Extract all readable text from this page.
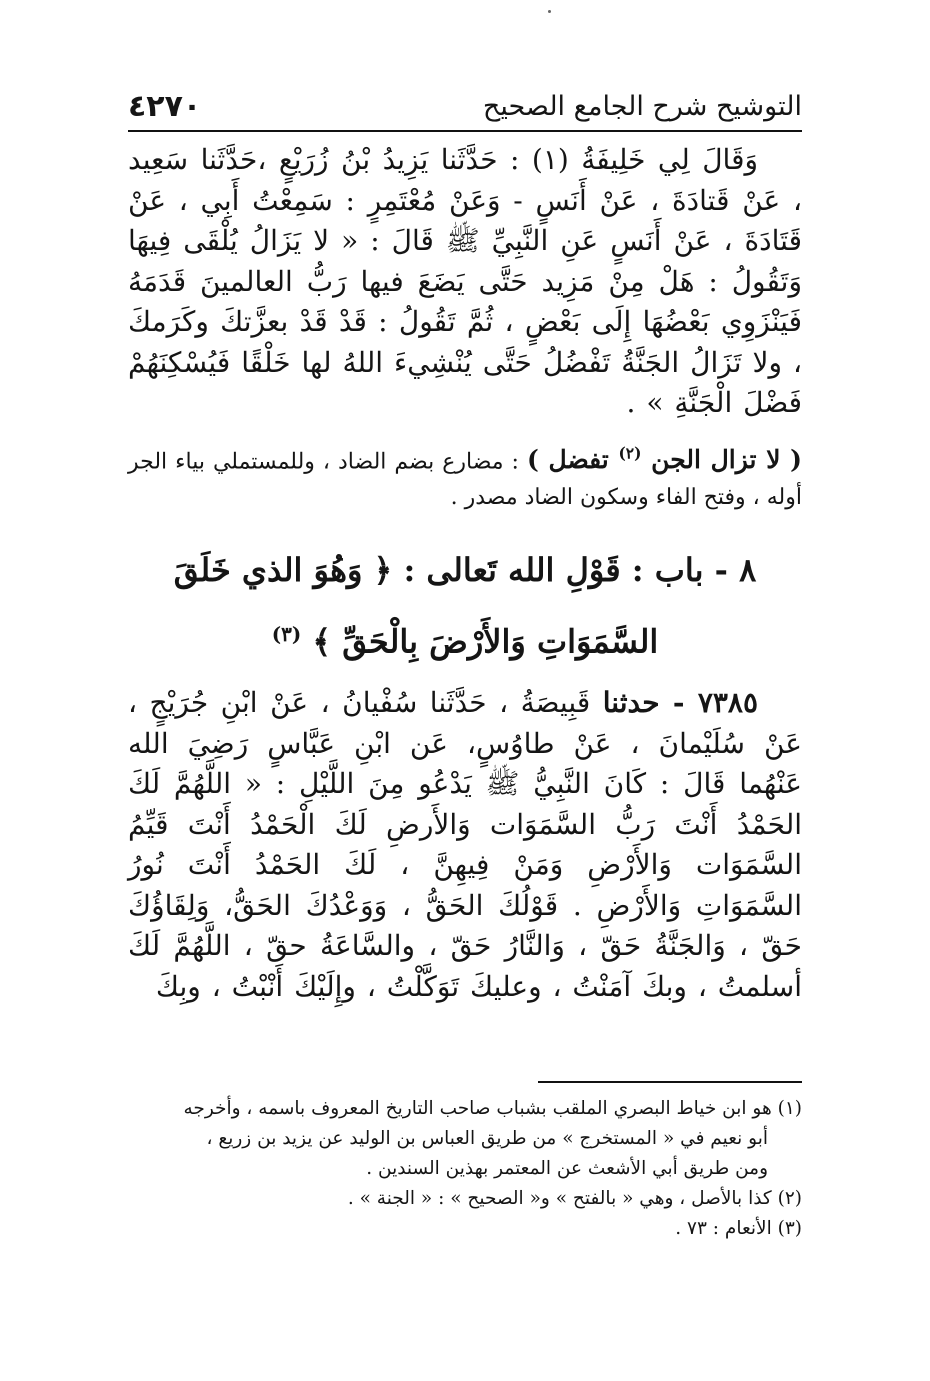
٤٢٧٠	التوشيح شرح الجامع الصحيح

وَقَالَ لِي خَلِيفَةُ (١) : حَدَّثَنا يَزِيدُ بْنُ زُرَيْعٍ ،حَدَّثَنا سَعِيد ، عَنْ قَتادَةَ ، عَنْ أَنَسٍ - وَعَنْ مُعْتَمِرٍ : سَمِعْتُ أَبِي ، عَنْ قَتَادَةَ ، عَنْ أَنَسٍ عَنِ النَّبِيِّ ﷺ قَالَ : « لا يَزَالُ يُلْقَى فِيهَا وَتَقُولُ : هَلْ مِنْ مَزِيد حَتَّى يَضَعَ فيها رَبُّ العالمينَ قَدَمَهُ فَيَنْزَوِي بَعْضُهَا إِلَى بَعْضٍ ، ثُمَّ تَقُولُ : قَدْ قَدْ بعزَّتكَ وكَرَمكَ ، ولا تَزَالُ الجَنَّةُ تَفْضُلُ حَتَّى يُنْشِيءَ اللهُ لها خَلْقًا فَيُسْكِنَهُمْ فَضْلَ الْجَنَّةِ » .

( لا تزال الجن $^{(٢)}$ تفضل ) : مضارع بضم الضاد ، وللمستملي بياء الجر أوله ، وفتح الفاء وسكون الضاد مصدر .

٨ - باب : قَوْلِ الله تَعالى : ﴿ وَهُوَ الذي خَلَقَ
السَّمَوَاتِ وَالأَرْضَ بِالْحَقِّ ﴾ $^{(٣)}$

٧٣٨٥ - حدثنا قَبِيصَةُ ، حَدَّثَنا سُفْيانُ ، عَنْ ابْنِ جُرَيْجٍ ، عَنْ سُلَيْمانَ ، عَنْ طاوُسٍ، عَن ابْنِ عَبَّاسٍ رَضِيَ الله عَنْهُما قَالَ : كَانَ النَّبِيُّ ﷺ يَدْعُو مِنَ اللَّيْلِ : « اللَّهُمَّ لَكَ الحَمْدُ أَنْتَ رَبُّ السَّمَوَات وَالأَرضِ لَكَ الْحَمْدُ أَنْتَ قَيِّمُ السَّمَوَات وَالأَرْضِ وَمَنْ فِيهِنَّ ، لَكَ الحَمْدُ أَنْتَ نُورُ السَّمَوَاتِ وَالأَرْضِ . قَوْلُكَ الحَقُّ ، وَوَعْدُكَ الحَقُّ، وَلِقَاؤُكَ حَقّ ، وَالجَنَّةُ حَقّ ، وَالنَّارُ حَقّ ، والسَّاعَةُ حقّ ، اللَّهُمَّ لَكَ أسلمتُ ، وبكَ آمَنْتُ ، وعليكَ تَوَكَّلْتُ ، وإِلَيْكَ أَنْبْتُ ، وبِكَ

(١) هو ابن خياط البصري الملقب بشباب صاحب التاريخ المعروف باسمه ، وأخرجه

أبو نعيم في « المستخرج » من طريق العباس بن الوليد عن يزيد بن زريع ،

ومن طريق أبي الأشعث عن المعتمر بهذين السندين .

(٢) كذا بالأصل ، وهي « بالفتح » و« الصحيح » : « الجنة » .

(٣) الأنعام : ٧٣ .
